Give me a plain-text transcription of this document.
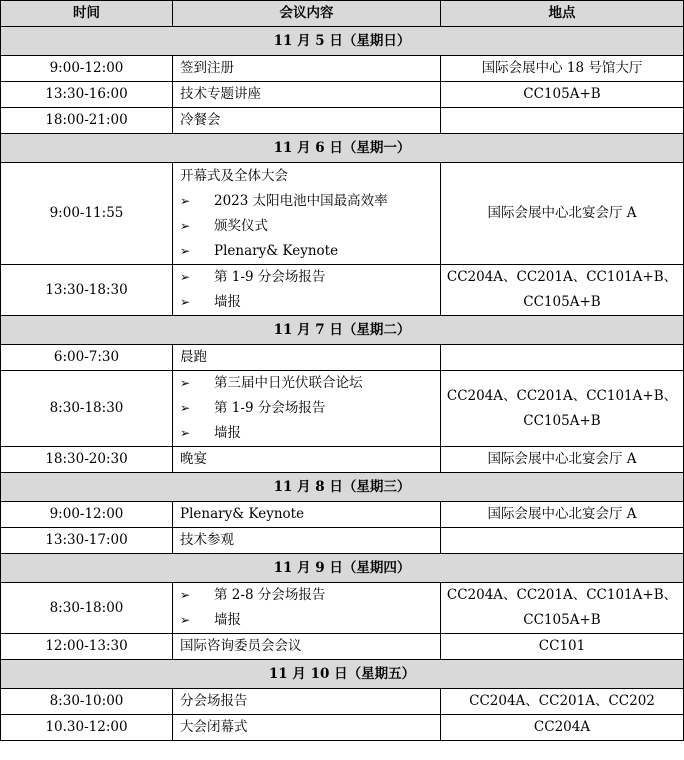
时间	会议内容	地点
11 月 5 日（星期日）		
9:00-12:00	签到注册	国际会展中心 18 号馆大厅

13:30-16:00	技术专题讲座	CC105A+B

18:00-21:00	冷餐会	

11 月 6 日（星期一）		
9:00-11:55	开幕式及全体大会
➢ 2023 太阳电池中国最高效率
➢ 颁奖仪式
➢ Plenary& Keynote	国际会展中心北宴会厅 A

13:30-18:30	➢ 第 1-9 分会场报告
➢ 墙报	CC204A、CC201A、CC101A+B、
CC105A+B

11 月 7 日（星期二）		
6:00-7:30	晨跑	

8:30-18:30	➢ 第三届中日光伏联合论坛
➢ 第 1-9 分会场报告
➢ 墙报	CC204A、CC201A、CC101A+B、
CC105A+B

18:30-20:30	晚宴	国际会展中心北宴会厅 A

11 月 8 日（星期三）		
9:00-12:00	Plenary& Keynote	国际会展中心北宴会厅 A

13:30-17:00	技术参观	

11 月 9 日（星期四）		
8:30-18:00	➢ 第 2-8 分会场报告
➢ 墙报	CC204A、CC201A、CC101A+B、
CC105A+B

12:00-13:30	国际咨询委员会会议	CC101

11 月 10 日（星期五）		
8:30-10:00	分会场报告	CC204A、CC201A、CC202

10.30-12:00	大会闭幕式	CC204A
